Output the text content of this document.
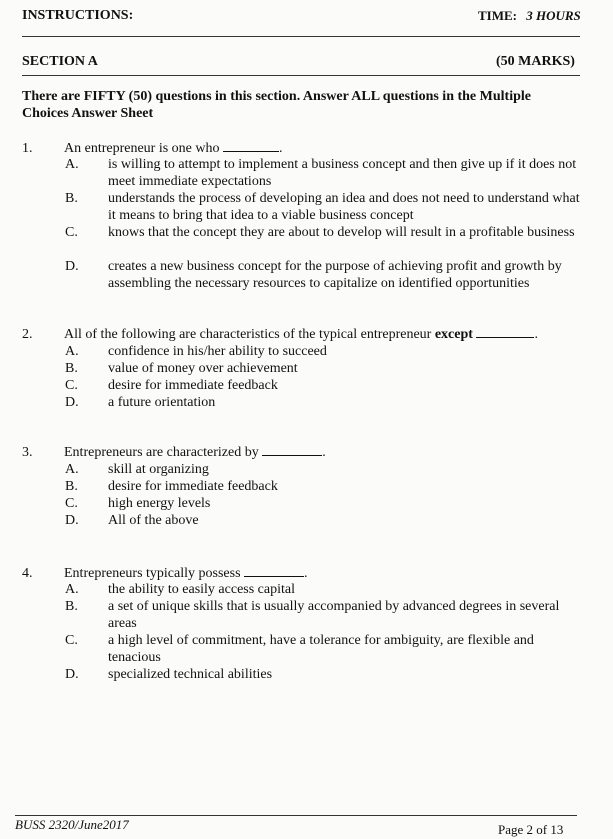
INSTRUCTIONS:	TIME: 3 HOURS
SECTION A	(50 MARKS)
There are FIFTY (50) questions in this section. Answer ALL questions in the Multiple
Choices Answer Sheet
1. An entrepreneur is one who	.
A. is willing to attempt to implement a business concept and then give up if it does not meet immediate expectations
B. understands the process of developing an idea and does not need to understand what it means to bring that idea to a viable business concept
C. knows that the concept they are about to develop will result in a profitable business
D. creates a new business concept for the purpose of achieving profit and growth by assembling the necessary resources to capitalize on identified opportunities
2. All of the following are characteristics of the typical entrepreneur except	.
A. confidence in his/her ability to succeed
B. value of money over achievement
C. desire for immediate feedback
D. a future orientation
3. Entrepreneurs are characterized by	.
A. skill at organizing
B. desire for immediate feedback
C. high energy levels
D. All of the above
4. Entrepreneurs typically possess	.
A. the ability to easily access capital
B. a set of unique skills that is usually accompanied by advanced degrees in several areas
C. a high level of commitment, have a tolerance for ambiguity, are flexible and tenacious
D. specialized technical abilities
BUSS 2320/June2017	Page 2 of 13
